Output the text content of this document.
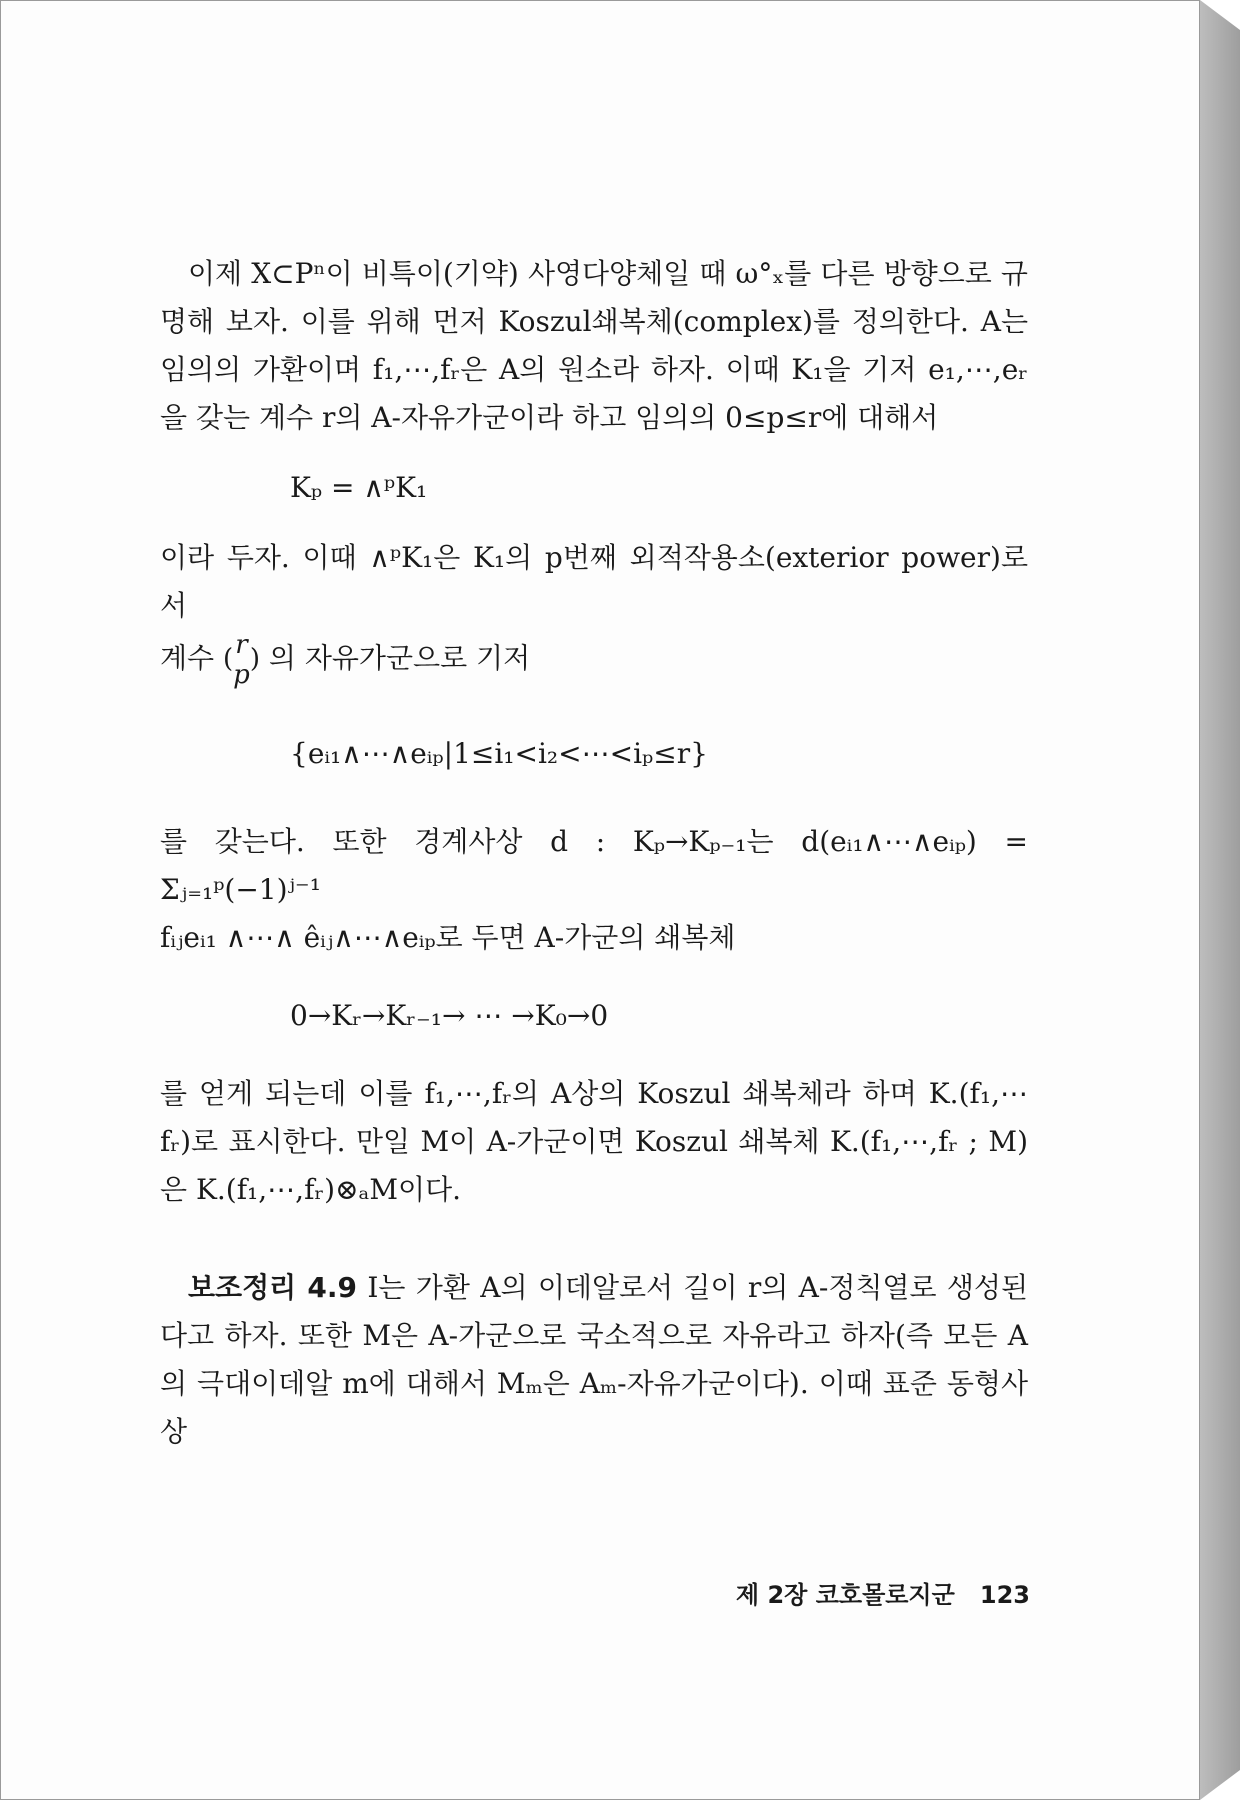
이제 X⊂Pⁿ이 비특이(기약) 사영다양체일 때 ω°ₓ를 다른 방향으로 규명해 보자. 이를 위해 먼저 Koszul쇄복체(complex)를 정의한다. A는 임의의 가환이며 f₁,⋯,fᵣ은 A의 원소라 하자. 이때 K₁을 기저 e₁,⋯,eᵣ을 갖는 계수 r의 A-자유가군이라 하고 임의의 0≤p≤r에 대해서

Kₚ = ∧ᵖK₁

이라 두자. 이때 ∧ᵖK₁은 K₁의 p번째 외적작용소(exterior power)로서

계수 ( r
p
) 의 자유가군으로 기저

{eᵢ₁∧⋯∧eᵢₚ|1≤i₁<i₂<⋯<iₚ≤r}

를 갖는다. 또한 경계사상 d : Kₚ→Kₚ₋₁는 d(eᵢ₁∧⋯∧eᵢₚ) = Σⱼ₌₁ᵖ(−1)ʲ⁻¹

fᵢⱼeᵢ₁ ∧⋯∧ êᵢⱼ∧⋯∧eᵢₚ로 두면 A-가군의 쇄복체

0→Kᵣ→Kᵣ₋₁→ ⋯ →K₀→0

를 얻게 되는데 이를 f₁,⋯,fᵣ의 A상의 Koszul 쇄복체라 하며 K.(f₁,⋯fᵣ)로 표시한다. 만일 M이 A-가군이면 Koszul 쇄복체 K.(f₁,⋯,fᵣ ; M)은 K.(f₁,⋯,fᵣ)⊗ₐM이다.

보조정리 4.9 I는 가환 A의 이데알로서 길이 r의 A-정칙열로 생성된다고 하자. 또한 M은 A-가군으로 국소적으로 자유라고 하자(즉 모든 A의 극대이데알 m에 대해서 Mₘ은 Aₘ-자유가군이다). 이때 표준 동형사상

제 2장 코호몰로지군 123
